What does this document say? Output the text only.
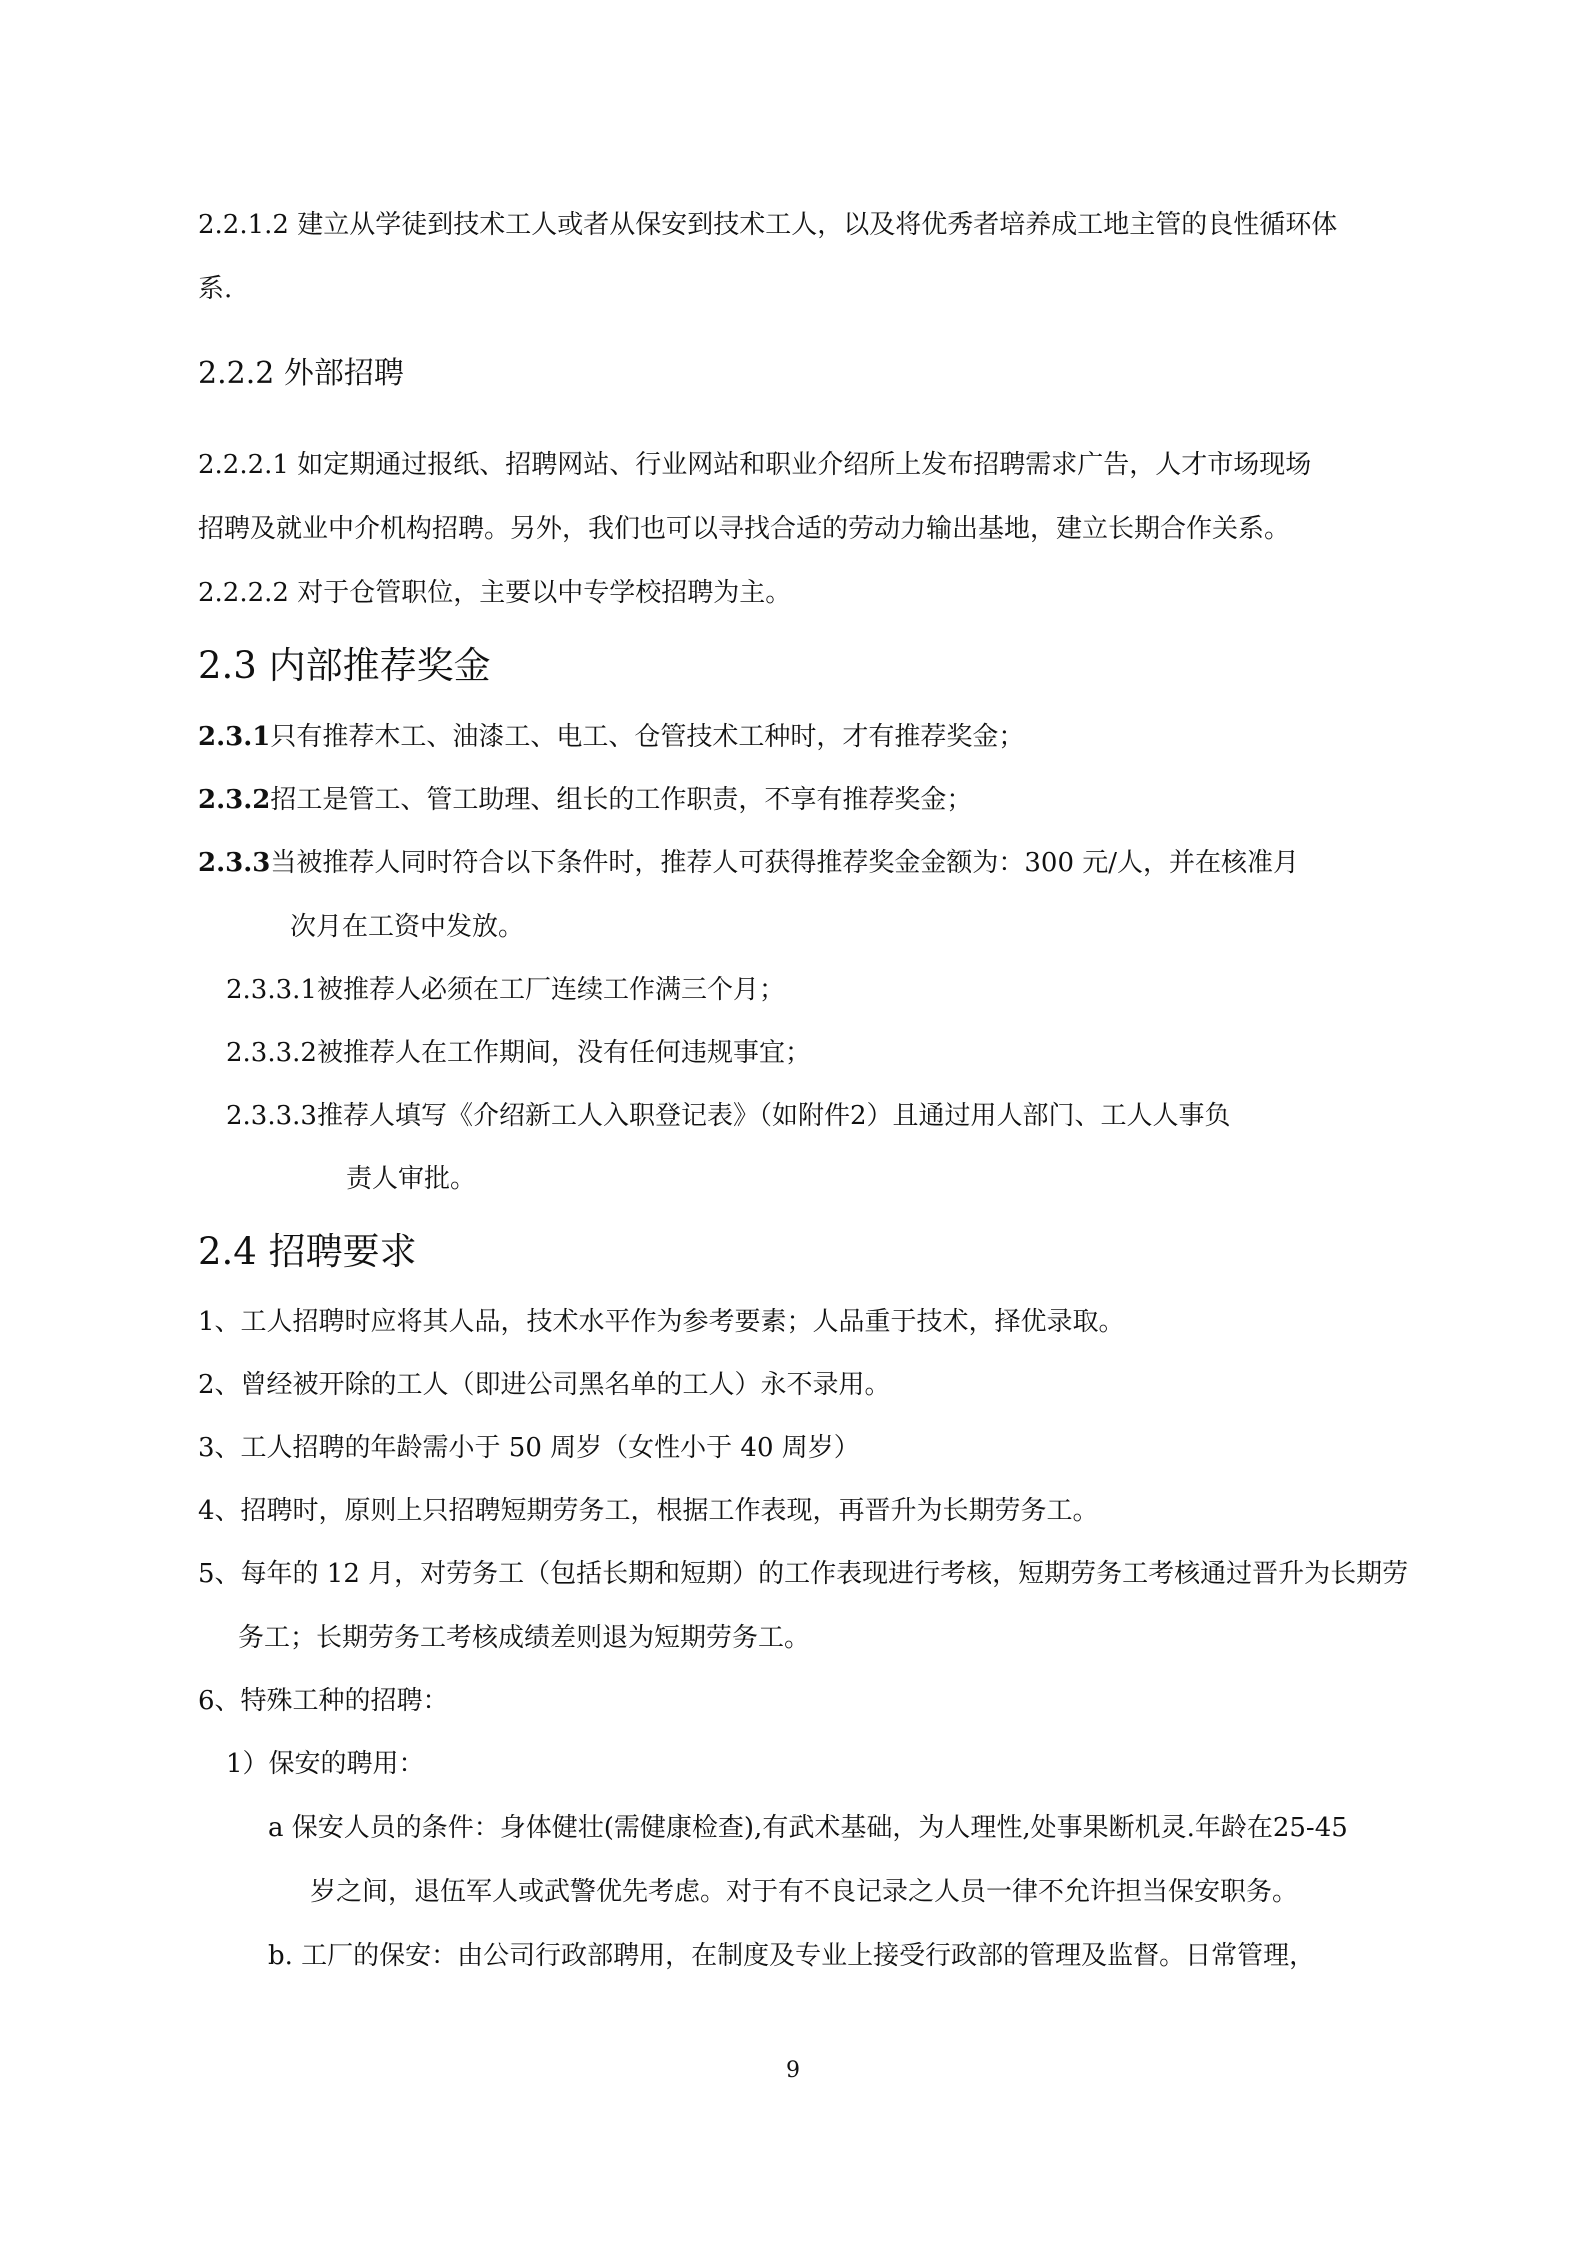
2.2.1.2 建立从学徒到技术工人或者从保安到技术工人，以及将优秀者培养成工地主管的良性循环体
系.
2.2.2 外部招聘
2.2.2.1 如定期通过报纸、招聘网站、行业网站和职业介绍所上发布招聘需求广告，人才市场现场
招聘及就业中介机构招聘。另外，我们也可以寻找合适的劳动力输出基地，建立长期合作关系。
2.2.2.2 对于仓管职位，主要以中专学校招聘为主。
2.3 内部推荐奖金
2.3.1只有推荐木工、油漆工、电工、仓管技术工种时，才有推荐奖金；
2.3.2招工是管工、管工助理、组长的工作职责，不享有推荐奖金；
2.3.3当被推荐人同时符合以下条件时，推荐人可获得推荐奖金金额为：300 元/人，并在核准月
次月在工资中发放。
2.3.3.1被推荐人必须在工厂连续工作满三个月；
2.3.3.2被推荐人在工作期间，没有任何违规事宜；
2.3.3.3推荐人填写《介绍新工人入职登记表》（如附件2）且通过用人部门、工人人事负
责人审批。
2.4 招聘要求
1、工人招聘时应将其人品，技术水平作为参考要素；人品重于技术，择优录取。
2、曾经被开除的工人（即进公司黑名单的工人）永不录用。
3、工人招聘的年龄需小于 50 周岁（女性小于 40 周岁）
4、招聘时，原则上只招聘短期劳务工，根据工作表现，再晋升为长期劳务工。
5、每年的 12 月，对劳务工（包括长期和短期）的工作表现进行考核，短期劳务工考核通过晋升为长期劳
务工；长期劳务工考核成绩差则退为短期劳务工。
6、特殊工种的招聘：
1）保安的聘用：
a 保安人员的条件：身体健壮(需健康检查),有武术基础，为人理性,处事果断机灵.年龄在25-45
岁之间，退伍军人或武警优先考虑。对于有不良记录之人员一律不允许担当保安职务。
b. 工厂的保安：由公司行政部聘用，在制度及专业上接受行政部的管理及监督。日常管理，
9
